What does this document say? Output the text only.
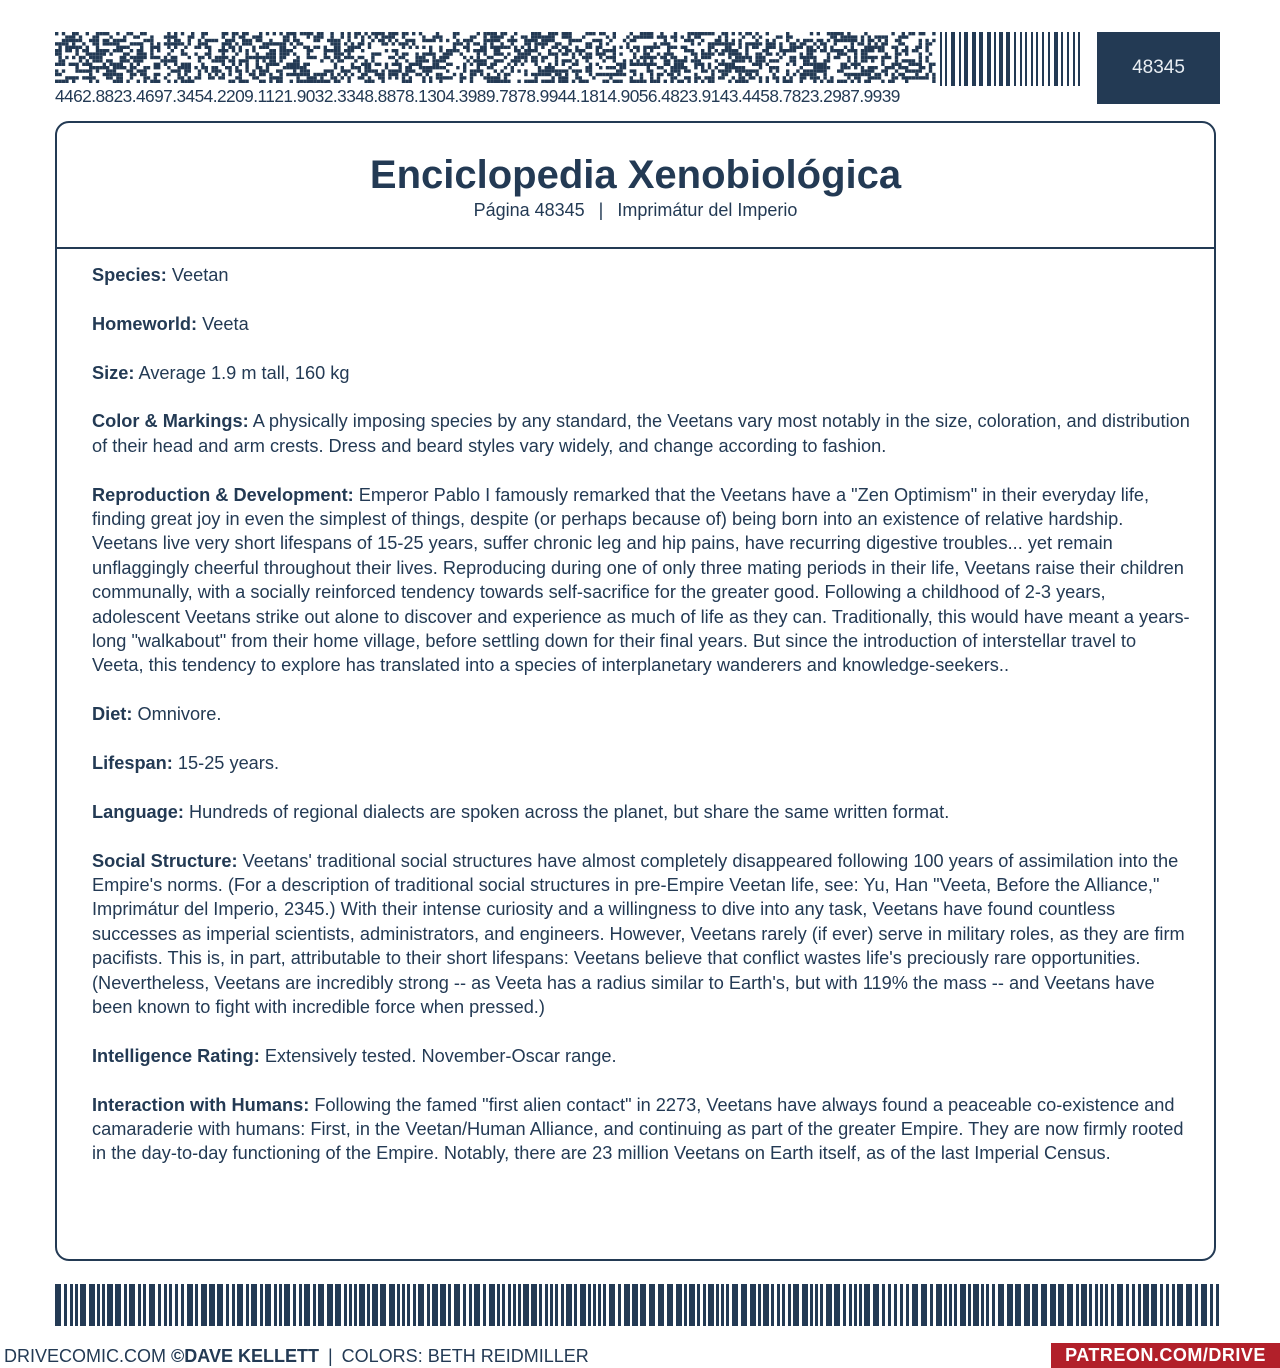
4462.8823.4697.3454.2209.1121.9032.3348.8878.1304.3989.7878.9944.1814.9056.4823.9143.4458.7823.2987.9939
48345
Enciclopedia Xenobiológica
Página 48345 | Imprimátur del Imperio

Species: Veetan

Homeworld: Veeta

Size: Average 1.9 m tall, 160 kg

Color & Markings: A physically imposing species by any standard, the Veetans vary most notably in the size, coloration, and distribution of their head and arm crests. Dress and beard styles vary widely, and change according to fashion.

Reproduction & Development: Emperor Pablo I famously remarked that the Veetans have a "Zen Optimism" in their everyday life, finding great joy in even the simplest of things, despite (or perhaps because of) being born into an existence of relative hardship. Veetans live very short lifespans of 15-25 years, suffer chronic leg and hip pains, have recurring digestive troubles... yet remain unflaggingly cheerful throughout their lives. Reproducing during one of only three mating periods in their life, Veetans raise their children communally, with a socially reinforced tendency towards self-sacrifice for the greater good. Following a childhood of 2-3 years, adolescent Veetans strike out alone to discover and experience as much of life as they can. Traditionally, this would have meant a years-long "walkabout" from their home village, before settling down for their final years. But since the introduction of interstellar travel to Veeta, this tendency to explore has translated into a species of interplanetary wanderers and knowledge-seekers..

Diet: Omnivore.

Lifespan: 15-25 years.

Language: Hundreds of regional dialects are spoken across the planet, but share the same written format.

Social Structure: Veetans' traditional social structures have almost completely disappeared following 100 years of assimilation into the Empire's norms. (For a description of traditional social structures in pre-Empire Veetan life, see: Yu, Han "Veeta, Before the Alliance," Imprimátur del Imperio, 2345.) With their intense curiosity and a willingness to dive into any task, Veetans have found countless successes as imperial scientists, administrators, and engineers. However, Veetans rarely (if ever) serve in military roles, as they are firm pacifists. This is, in part, attributable to their short lifespans: Veetans believe that conflict wastes life's preciously rare opportunities. (Nevertheless, Veetans are incredibly strong -- as Veeta has a radius similar to Earth's, but with 119% the mass -- and Veetans have been known to fight with incredible force when pressed.)

Intelligence Rating: Extensively tested. November-Oscar range.

Interaction with Humans: Following the famed "first alien contact" in 2273, Veetans have always found a peaceable co-existence and camaraderie with humans: First, in the Veetan/Human Alliance, and continuing as part of the greater Empire. They are now firmly rooted in the day-to-day functioning of the Empire. Notably, there are 23 million Veetans on Earth itself, as of the last Imperial Census.

DRIVECOMIC.COM ©DAVE KELLETT | COLORS: BETH REIDMILLER	PATREON.COM/DRIVE
